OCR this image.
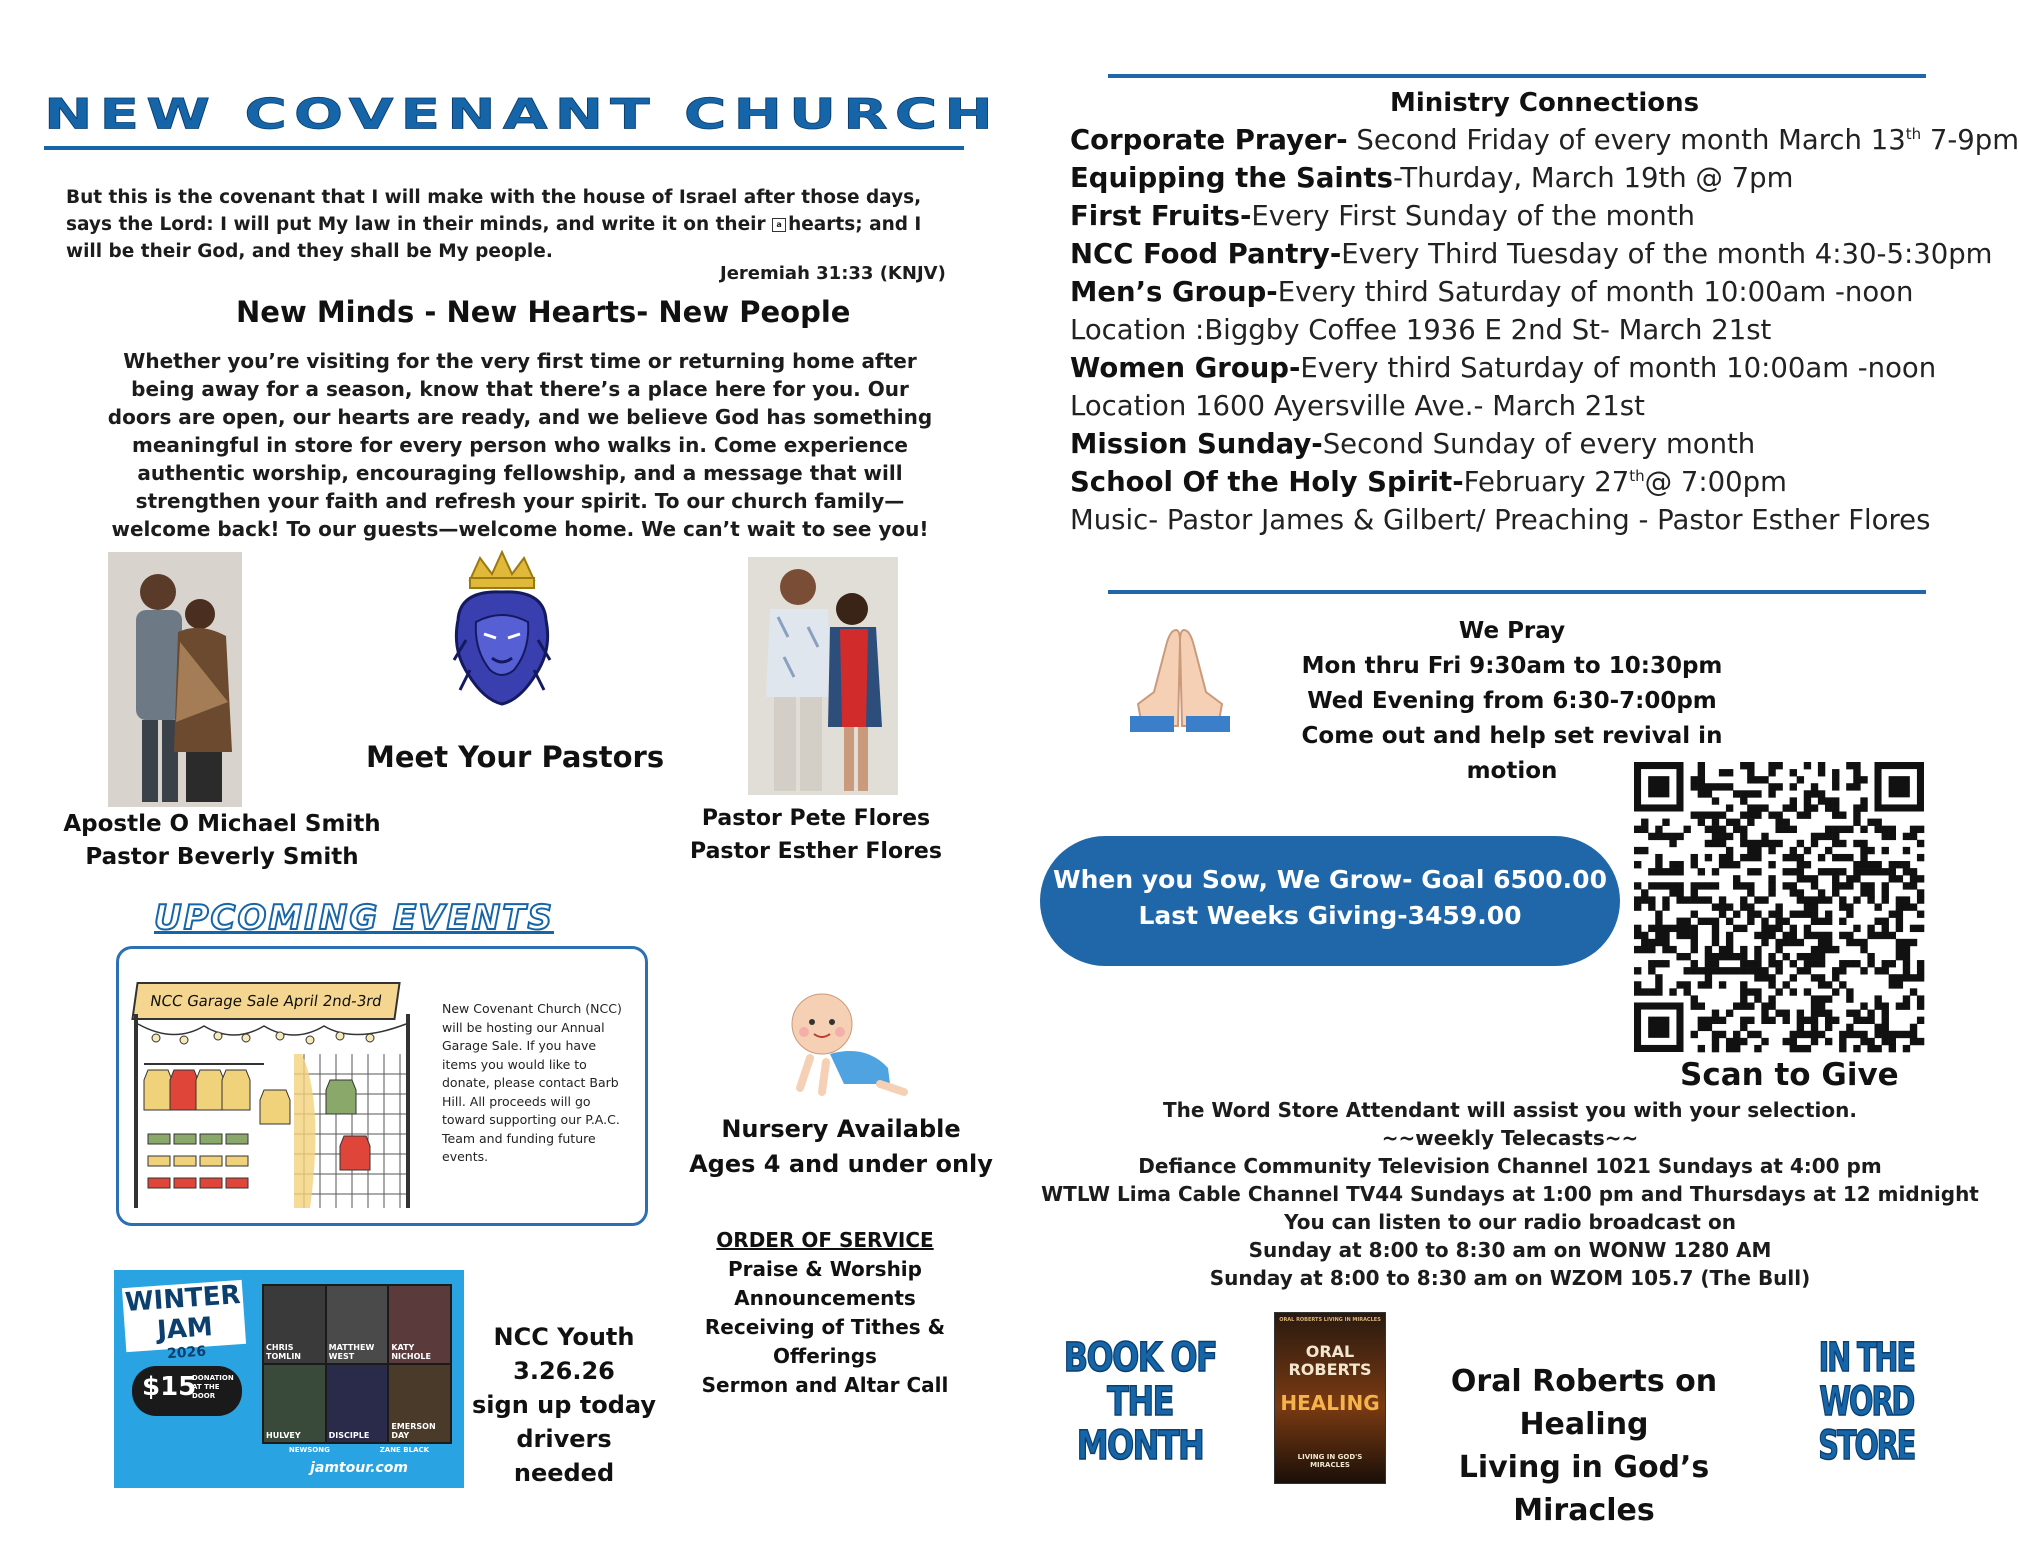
NEW COVENANT CHURCH
But this is the covenant that I will make with the house of Israel after those days, says the Lord: I will put My law in their minds, and write it on their a hearts; and I will be their God, and they shall be My people.
Jeremiah 31:33 (KNJV)
New Minds - New Hearts- New People
Whether you’re visiting for the very first time or returning home after being away for a season, know that there’s a place here for you. Our doors are open, our hearts are ready, and we believe God has something meaningful in store for every person who walks in. Come experience authentic worship, encouraging fellowship, and a message that will strengthen your faith and refresh your spirit. To our church family—welcome back! To our guests—welcome home. We can’t wait to see you!
Meet Your Pastors
Apostle O Michael Smith
Pastor Beverly Smith
Pastor Pete Flores
Pastor Esther Flores
UPCOMING EVENTS
NCC Garage Sale April 2nd-3rd	New Covenant Church (NCC) will be hosting our Annual Garage Sale. If you have items you would like to donate, please contact Barb Hill. All proceeds will go toward supporting our P.A.C. Team and funding future events.
Nursery Available
Ages 4 and under only
ORDER OF SERVICE
Praise & Worship
Announcements
Receiving of Tithes & Offerings
Sermon and Altar Call
WINTER JAM
2026
$15
DONATION AT THE DOOR
CHRIS TOMLIN
MATTHEW WEST
KATY NICHOLE
HULVEY	DISCIPLE
EMERSON DAY
NEWSONG	ZANE BLACK
jamtour.com
NCC Youth
3.26.26
sign up today
drivers needed
Ministry Connections
Corporate Prayer- Second Friday of every month March 13th 7-9pm
Equipping the Saints-Thurday, March 19th @ 7pm
First Fruits-Every First Sunday of the month
NCC Food Pantry-Every Third Tuesday of the month 4:30-5:30pm
Men’s Group-Every third Saturday of month 10:00am -noon
Location :Biggby Coffee 1936 E 2nd St- March 21st
Women Group-Every third Saturday of month 10:00am -noon
Location 1600 Ayersville Ave.- March 21st
Mission Sunday-Second Sunday of every month
School Of the Holy Spirit-February 27th@ 7:00pm
Music- Pastor James & Gilbert/ Preaching - Pastor Esther Flores
We Pray
Mon thru Fri 9:30am to 10:30pm
Wed Evening from 6:30-7:00pm
Come out and help set revival in motion
When you Sow, We Grow- Goal 6500.00
Last Weeks Giving-3459.00
Scan to Give
The Word Store Attendant will assist you with your selection.
~~weekly Telecasts~~
Defiance Community Television Channel 1021 Sundays at 4:00 pm
WTLW Lima Cable Channel TV44 Sundays at 1:00 pm and Thursdays at 12 midnight
You can listen to our radio broadcast on
Sunday at 8:00 to 8:30 am on WONW 1280 AM
Sunday at 8:00 to 8:30 am on WZOM 105.7 (The Bull)
BOOK OF
THE
MONTH
ORAL ROBERTS LIVING IN MIRACLES
ORAL ROBERTS
HEALING
LIVING IN GOD'S MIRACLES
Oral Roberts on Healing
Living in God’s Miracles
IN THE
WORD
STORE
